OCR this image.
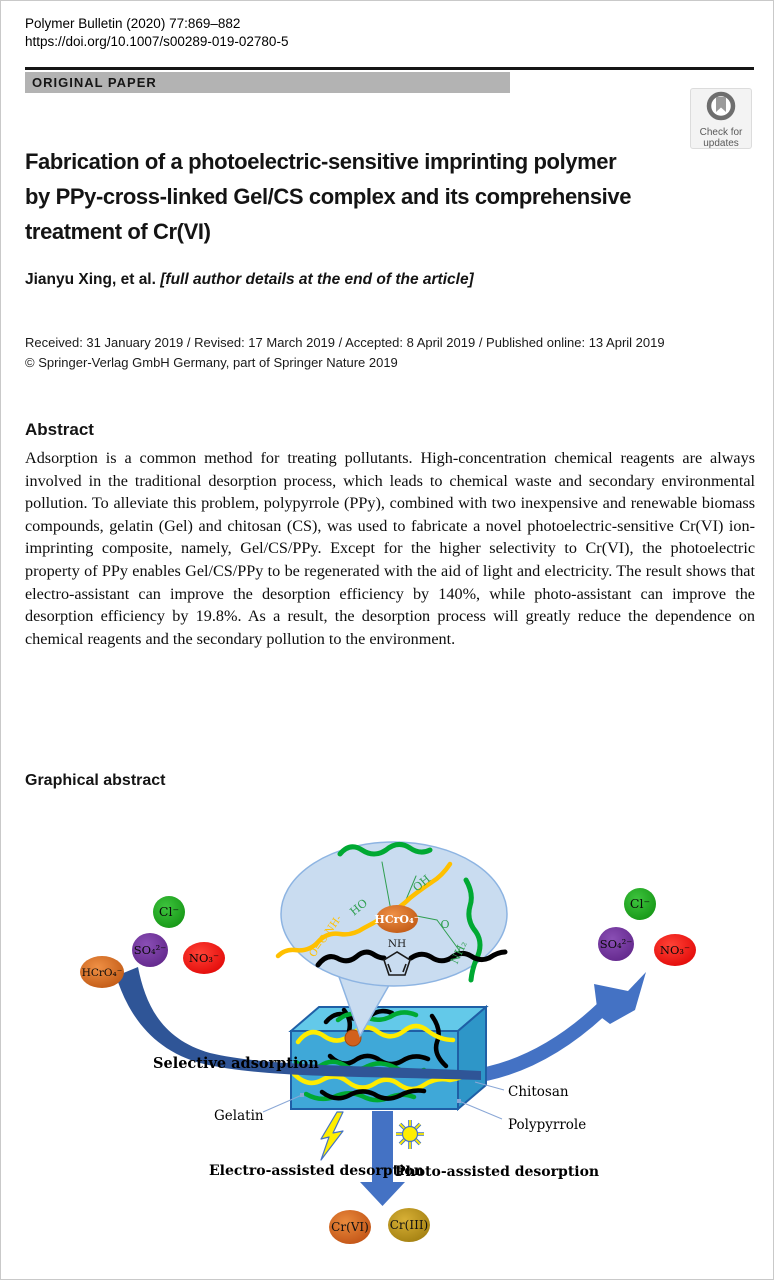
Polymer Bulletin (2020) 77:869–882
https://doi.org/10.1007/s00289-019-02780-5
ORIGINAL PAPER
Check for
updates
Fabrication of a photoelectric-sensitive imprinting polymer
by PPy-cross-linked Gel/CS complex and its comprehensive
treatment of Cr(VI)
Jianyu Xing, et al. [full author details at the end of the article]
Received: 31 January 2019 / Revised: 17 March 2019 / Accepted: 8 April 2019 / Published online: 13 April 2019
© Springer-Verlag GmbH Germany, part of Springer Nature 2019
Abstract
Adsorption is a common method for treating pollutants. High-concentration chemical reagents are always involved in the traditional desorption process, which leads to chemical waste and secondary environmental pollution. To alleviate this problem, polypyrrole (PPy), combined with two inexpensive and renewable biomass compounds, gelatin (Gel) and chitosan (CS), was used to fabricate a novel photoelectric-sensitive Cr(VI) ion-imprinting composite, namely, Gel/CS/PPy. Except for the higher selectivity to Cr(VI), the photoelectric property of PPy enables Gel/CS/PPy to be regenerated with the aid of light and electricity. The result shows that electro-assistant can improve the desorption efficiency by 140%, while photo-assistant can improve the desorption efficiency by 19.8%. As a result, the desorption process will greatly reduce the dependence on chemical reagents and the secondary pollution to the environment.
Graphical abstract
HCrO₄⁻
NH
HO
OH
O
NH₂
O=C-NH-
Cl⁻
SO₄²⁻
NO₃⁻
HCrO₄⁻
Cl⁻
SO₄²⁻ NO₃⁻
Selective adsorption
Gelatin
Chitosan
Polypyrrole
Electro-assisted desorption
Photo-assisted desorption
Cr(VI) Cr(III)
